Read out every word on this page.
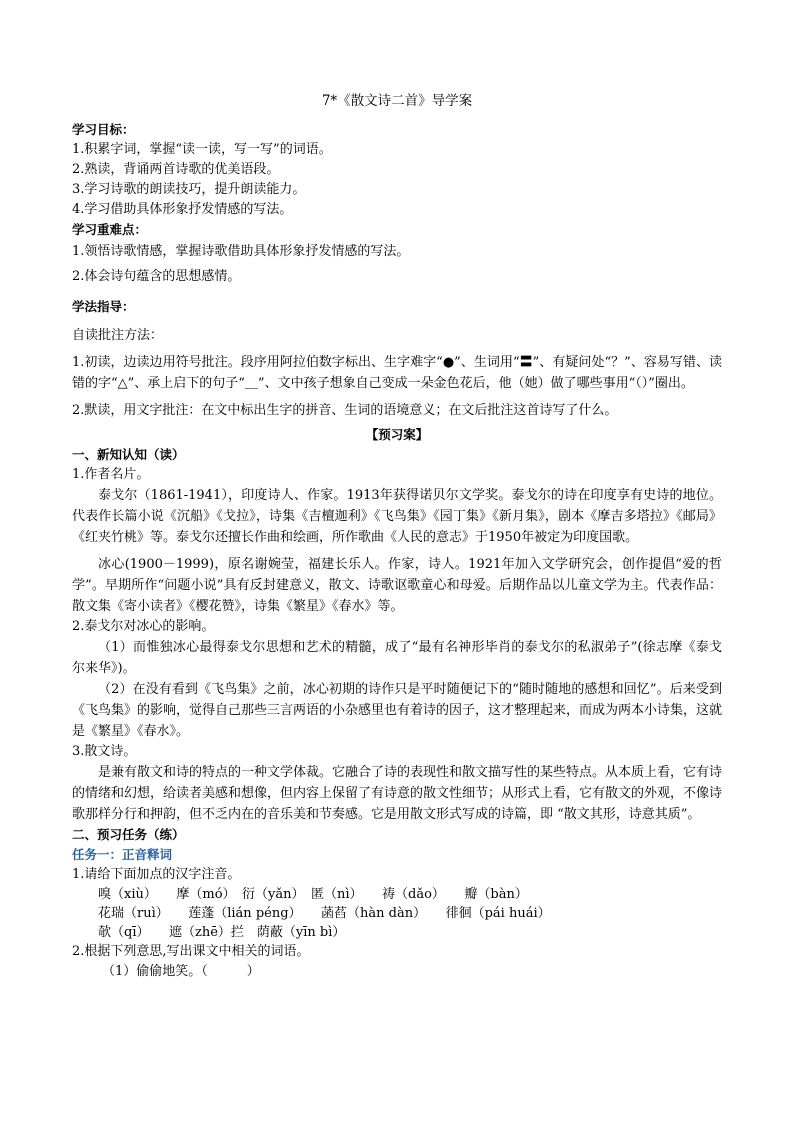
7*《散文诗二首》导学案
学习目标：
1.积累字词，掌握“读一读，写一写”的词语。
2.熟读，背诵两首诗歌的优美语段。
3.学习诗歌的朗读技巧，提升朗读能力。
4.学习借助具体形象抒发情感的写法。
学习重难点：
1.领悟诗歌情感，掌握诗歌借助具体形象抒发情感的写法。
2.体会诗句蕴含的思想感情。
学法指导：
自读批注方法：
1.初读，边读边用符号批注。段序用阿拉伯数字标出、生字难字“●”、生词用“〓”、有疑问处“？”、容易写错、读错的字“△”、承上启下的句子“＿”、文中孩子想象自己变成一朵金色花后，他（她）做了哪些事用“（）”圈出。
2.默读，用文字批注：在文中标出生字的拼音、生词的语境意义；在文后批注这首诗写了什么。
【预习案】
一、新知认知（读）
1.作者名片。
泰戈尔（1861-1941），印度诗人、作家。1913年获得诺贝尔文学奖。泰戈尔的诗在印度享有史诗的地位。代表作长篇小说《沉船》《戈拉》，诗集《吉檀迦利》《飞鸟集》《园丁集》《新月集》，剧本《摩吉多塔拉》《邮局》《红夹竹桃》等。泰戈尔还擅长作曲和绘画，所作歌曲《人民的意志》于1950年被定为印度国歌。
冰心(1900－1999)，原名谢婉莹，福建长乐人。作家，诗人。1921年加入文学研究会，创作提倡“爱的哲学”。早期所作“问题小说”具有反封建意义，散文、诗歌讴歌童心和母爱。后期作品以儿童文学为主。代表作品：散文集《寄小读者》《樱花赞》，诗集《繁星》《春水》等。
2.泰戈尔对冰心的影响。
（1）而惟独冰心最得泰戈尔思想和艺术的精髓，成了“最有名神形毕肖的泰戈尔的私淑弟子”(徐志摩《泰戈尔来华》)。
（2）在没有看到《飞鸟集》之前，冰心初期的诗作只是平时随便记下的“随时随地的感想和回忆”。后来受到《飞鸟集》的影响，觉得自己那些三言两语的小杂感里也有着诗的因子，这才整理起来，而成为两本小诗集，这就是《繁星》《春水》。
3.散文诗。
是兼有散文和诗的特点的一种文学体裁。它融合了诗的表现性和散文描写性的某些特点。从本质上看，它有诗的情绪和幻想，给读者美感和想像，但内容上保留了有诗意的散文性细节；从形式上看，它有散文的外观，不像诗歌那样分行和押韵，但不乏内在的音乐美和节奏感。它是用散文形式写成的诗篇，即 “散文其形，诗意其质”。
二、预习任务（练）
任务一：正音释词
1.请给下面加点的汉字注音。
嗅（xiù）　　摩（mó）　衍（yǎn）　匿（nì）　　祷（dǎo）　　瓣（bàn）
花瑞（ruì）　　莲蓬（lián péng）　　菡萏（hàn dàn）　　徘徊（pái huái）
欹（qī）　　遮（zhē）拦　荫蔽（yīn bì）
2.根据下列意思,写出课文中相关的词语。
（1）偷偷地笑。（　　　）
